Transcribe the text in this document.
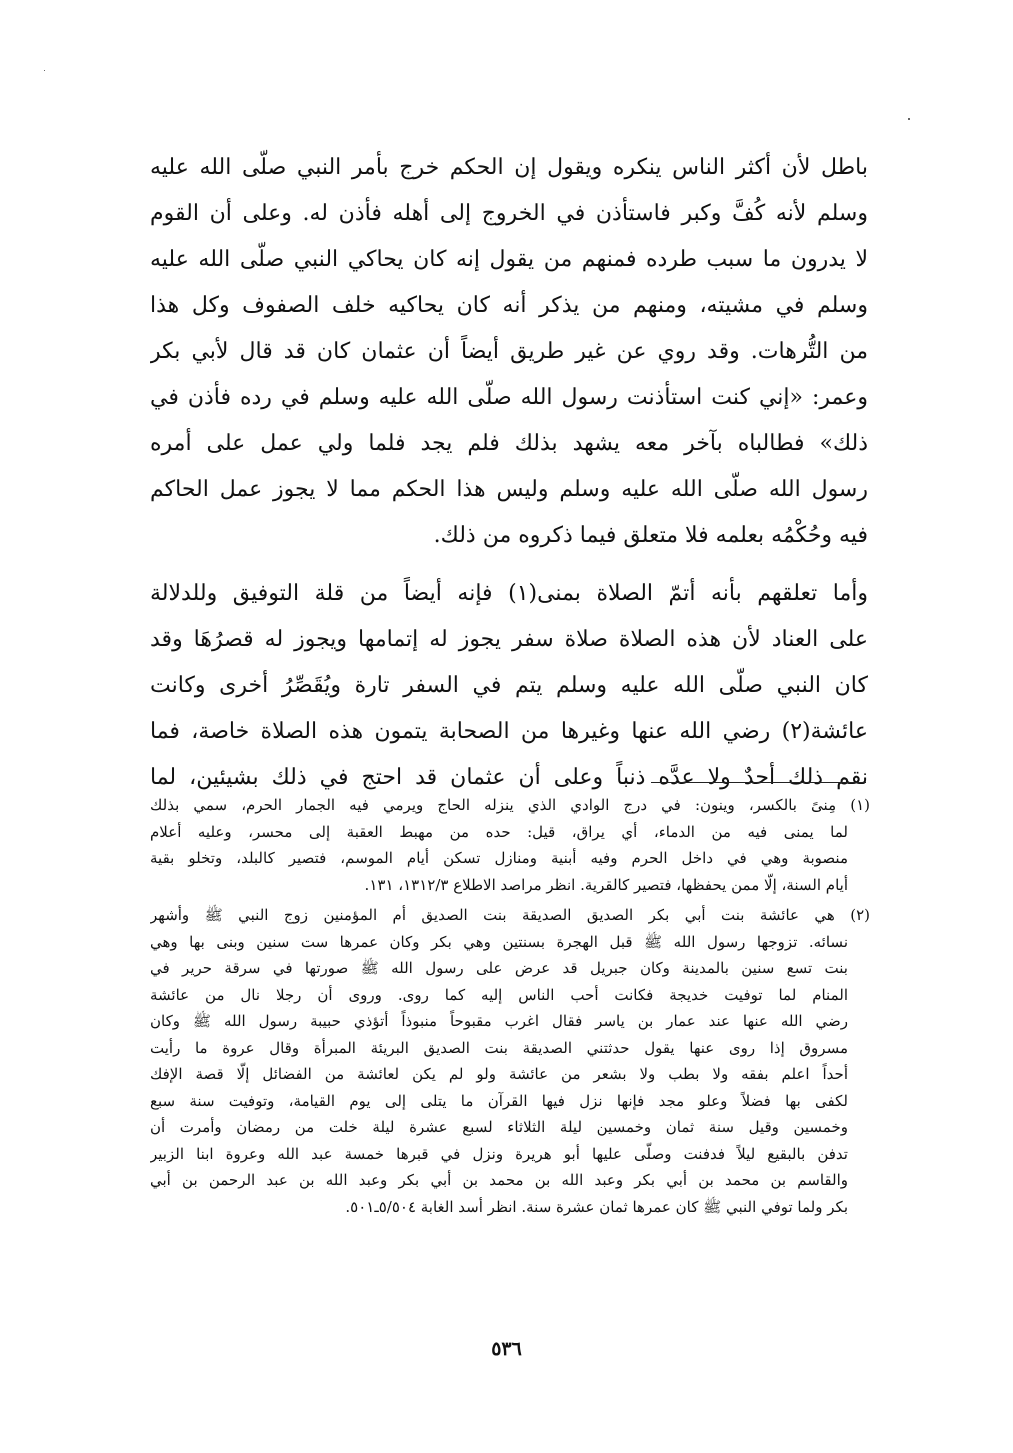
باطل لأن أكثر الناس ينكره ويقول إن الحكم خرج بأمر النبي صلّى الله عليه
وسلم لأنه كُفَّ وكبر فاستأذن في الخروج إلى أهله فأذن له. وعلى أن القوم
لا يدرون ما سبب طرده فمنهم من يقول إنه كان يحاكي النبي صلّى الله عليه
وسلم في مشيته، ومنهم من يذكر أنه كان يحاكيه خلف الصفوف وكل هذا
من التُّرهات. وقد روي عن غير طريق أيضاً أن عثمان كان قد قال لأبي بكر
وعمر: «إني كنت استأذنت رسول الله صلّى الله عليه وسلم في رده فأذن في
ذلك» فطالباه بآخر معه يشهد بذلك فلم يجد فلما ولي عمل على أمره
رسول الله صلّى الله عليه وسلم وليس هذا الحكم مما لا يجوز عمل الحاكم
فيه وحُكْمُه بعلمه فلا متعلق فيما ذكروه من ذلك.
وأما تعلقهم بأنه أتمّ الصلاة بمنى(١) فإنه أيضاً من قلة التوفيق وللدلالة
على العناد لأن هذه الصلاة صلاة سفر يجوز له إتمامها ويجوز له قصرُهَا وقد
كان النبي صلّى الله عليه وسلم يتم في السفر تارة ويُقَصِّرُ أخرى وكانت
عائشة(٢) رضي الله عنها وغيرها من الصحابة يتمون هذه الصلاة خاصة، فما
نقم ذلك أحدٌ ولا عدَّه ذنباً وعلى أن عثمان قد احتج في ذلك بشيئين، لما
(١) مِنىً بالكسر، وينون: في درج الوادي الذي ينزله الحاج ويرمي فيه الجمار الحرم، سمي بذلك
لما يمنى فيه من الدماء، أي يراق، قيل: حده من مهبط العقبة إلى محسر، وعليه أعلام
منصوبة وهي في داخل الحرم وفيه أبنية ومنازل تسكن أيام الموسم، فتصير كالبلد، وتخلو بقية
أيام السنة، إلّا ممن يحفظها، فتصير كالقرية. انظر مراصد الاطلاع ١٣١٢/٣، ١٣١.
(٢) هي عائشة بنت أبي بكر الصديق الصديقة بنت الصديق أم المؤمنين زوج النبي ﷺ وأشهر
نسائه. تزوجها رسول الله ﷺ قبل الهجرة بسنتين وهي بكر وكان عمرها ست سنين وبنى بها وهي
بنت تسع سنين بالمدينة وكان جبريل قد عرض على رسول الله ﷺ صورتها في سرقة حرير في
المنام لما توفيت خديجة فكانت أحب الناس إليه كما روى. وروى أن رجلا نال من عائشة
رضي الله عنها عند عمار بن ياسر فقال اغرب مقبوحاً منبوذاً أتؤذي حبيبة رسول الله ﷺ وكان
مسروق إذا روى عنها يقول حدثتني الصديقة بنت الصديق البريئة المبرأة وقال عروة ما رأيت
أحداً اعلم بفقه ولا بطب ولا بشعر من عائشة ولو لم يكن لعائشة من الفضائل إلّا قصة الإفك
لكفى بها فضلاً وعلو مجد فإنها نزل فيها القرآن ما يتلى إلى يوم القيامة، وتوفيت سنة سبع
وخمسين وقيل سنة ثمان وخمسين ليلة الثلاثاء لسبع عشرة ليلة خلت من رمضان وأمرت أن
تدفن بالبقيع ليلاً فدفنت وصلّى عليها أبو هريرة ونزل في قبرها خمسة عبد الله وعروة ابنا الزبير
والقاسم بن محمد بن أبي بكر وعبد الله بن محمد بن أبي بكر وعبد الله بن عبد الرحمن بن أبي
بكر ولما توفي النبي ﷺ كان عمرها ثمان عشرة سنة. انظر أسد الغابة ٥/٥٠٤ـ٥٠١.
٥٣٦
